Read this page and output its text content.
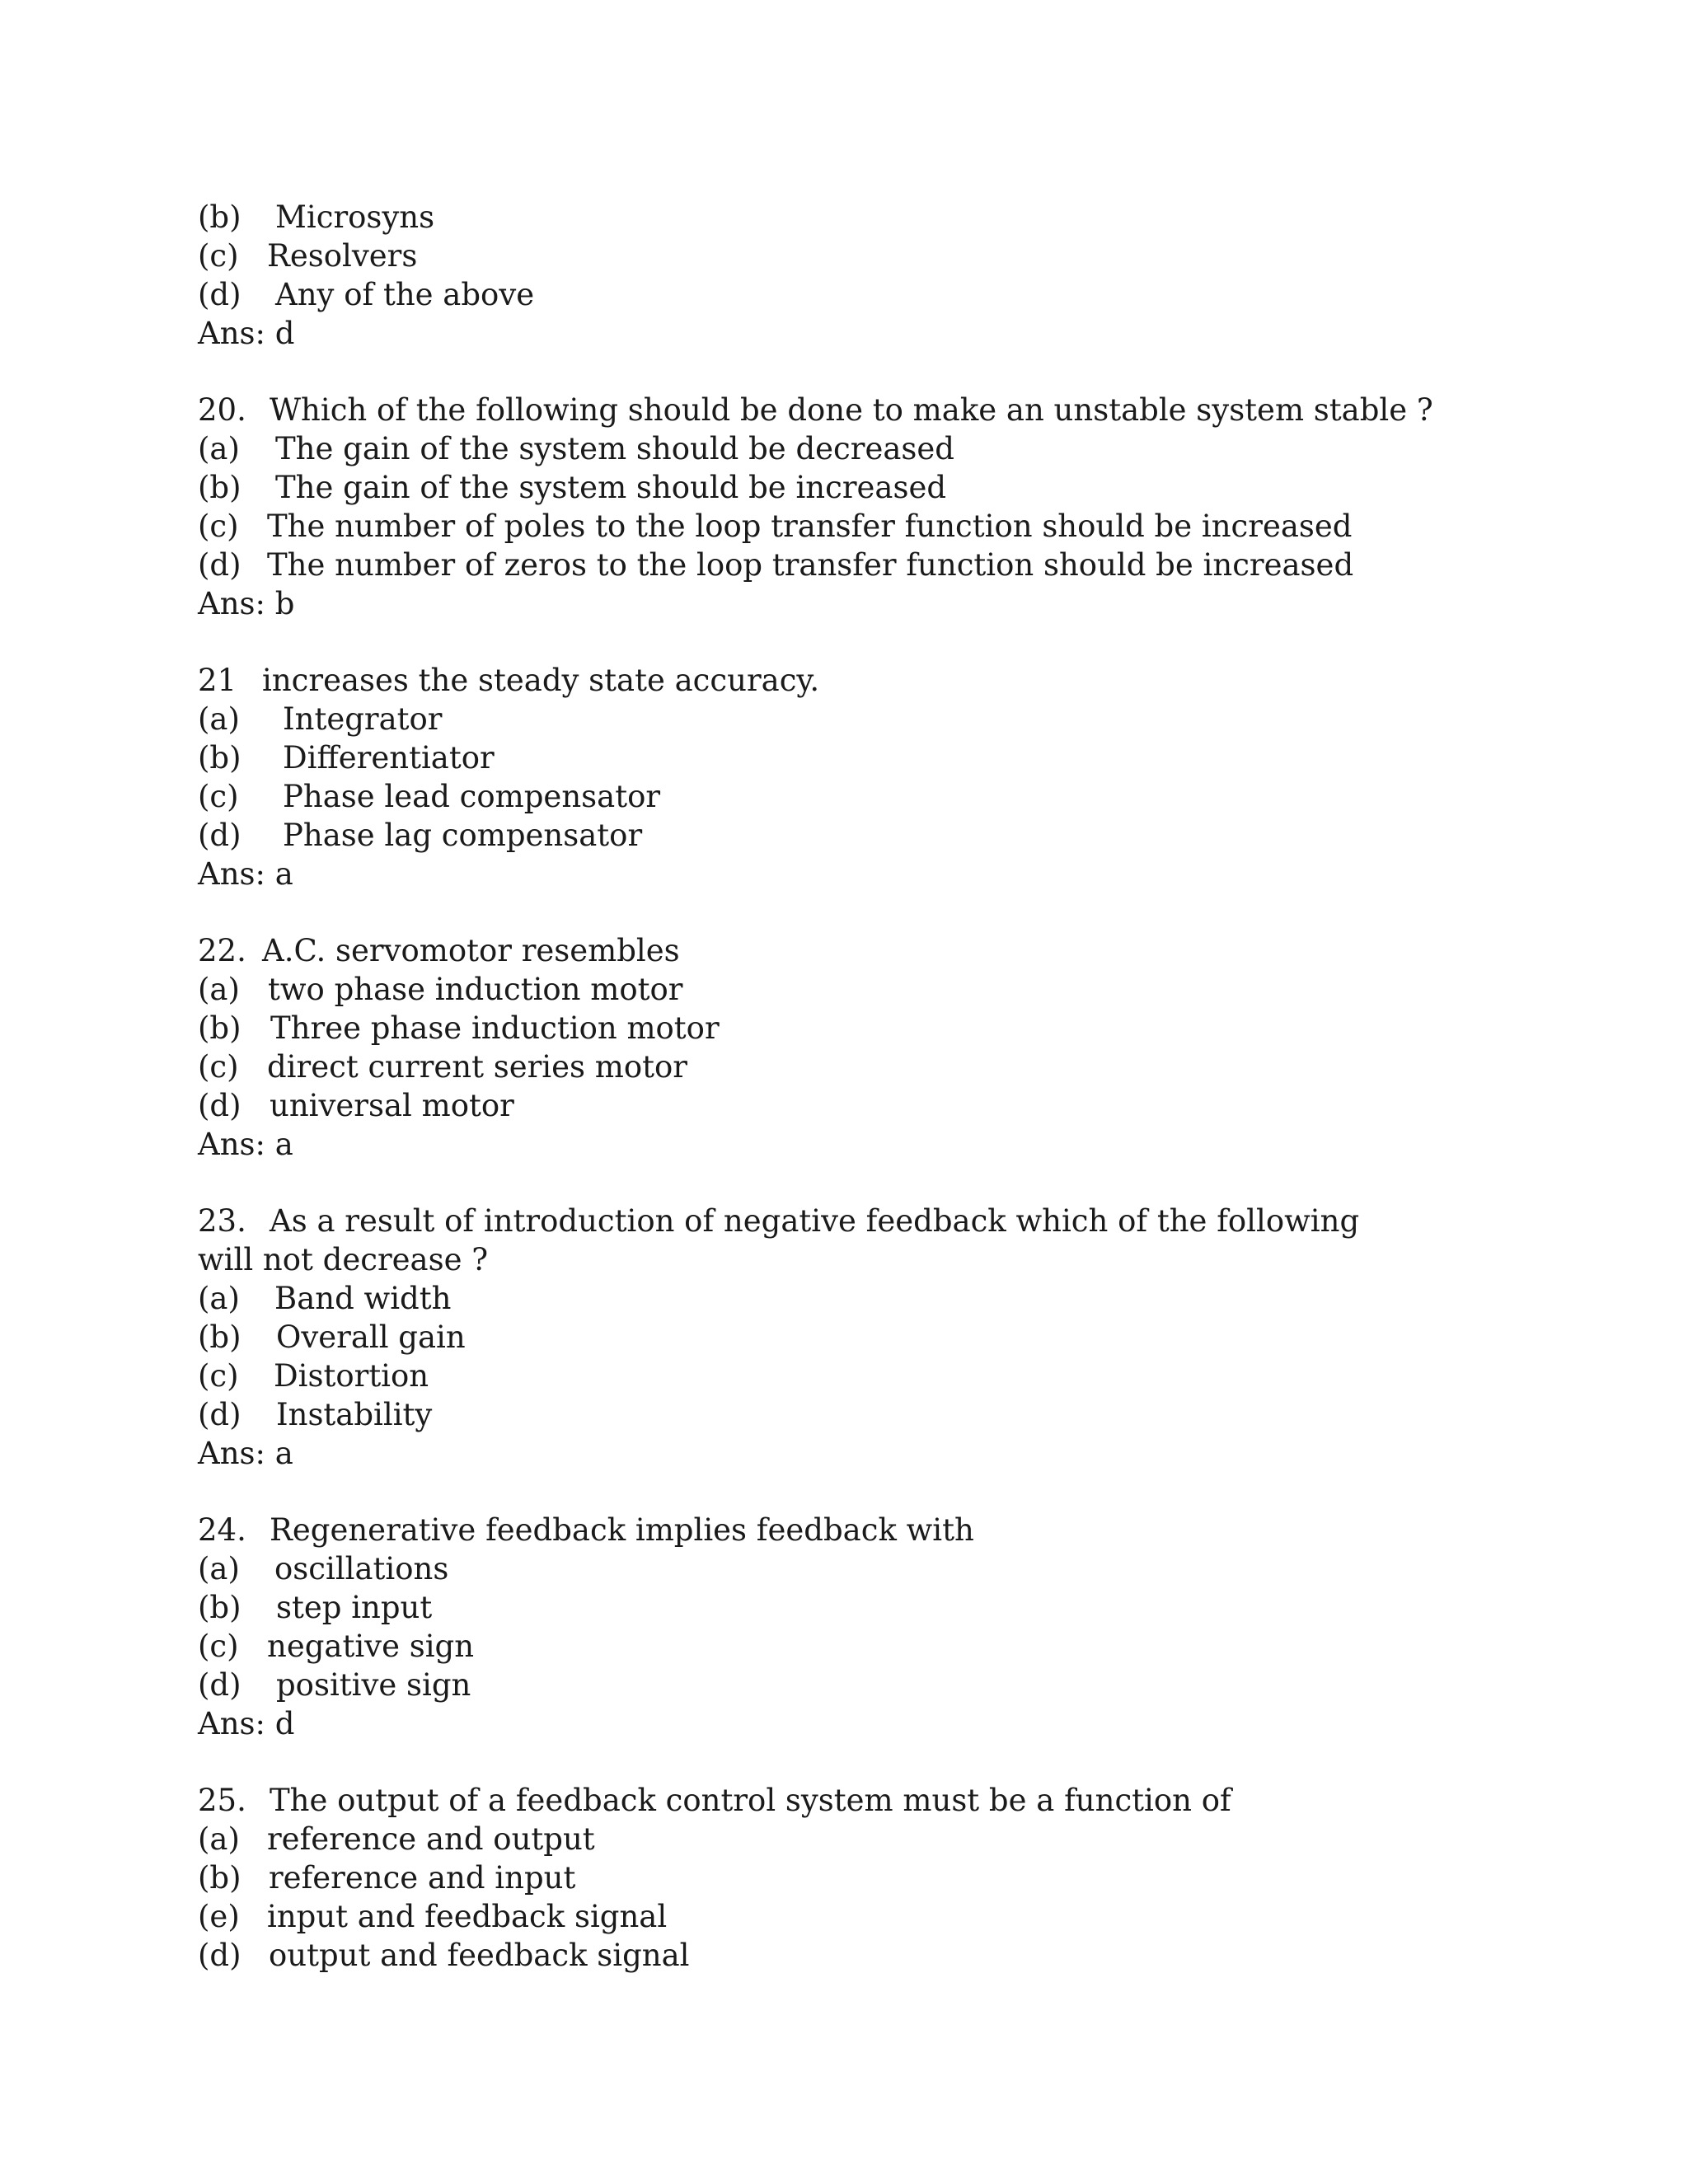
(b) Microsyns
(c) Resolvers
(d) Any of the above
Ans: d
20. Which of the following should be done to make an unstable system stable ?
(a) The gain of the system should be decreased
(b) The gain of the system should be increased
(c) The number of poles to the loop transfer function should be increased
(d) The number of zeros to the loop transfer function should be increased
Ans: b
21 increases the steady state accuracy.
(a) Integrator
(b) Differentiator
(c) Phase lead compensator
(d) Phase lag compensator
Ans: a
22. A.C. servomotor resembles
(a) two phase induction motor
(b) Three phase induction motor
(c) direct current series motor
(d) universal motor
Ans: a
23. As a result of introduction of negative feedback which of the following will not decrease ?
(a) Band width
(b) Overall gain
(c) Distortion
(d) Instability
Ans: a
24. Regenerative feedback implies feedback with
(a) oscillations
(b) step input
(c) negative sign
(d) positive sign
Ans: d
25. The output of a feedback control system must be a function of
(a) reference and output
(b) reference and input
(e) input and feedback signal
(d) output and feedback signal
